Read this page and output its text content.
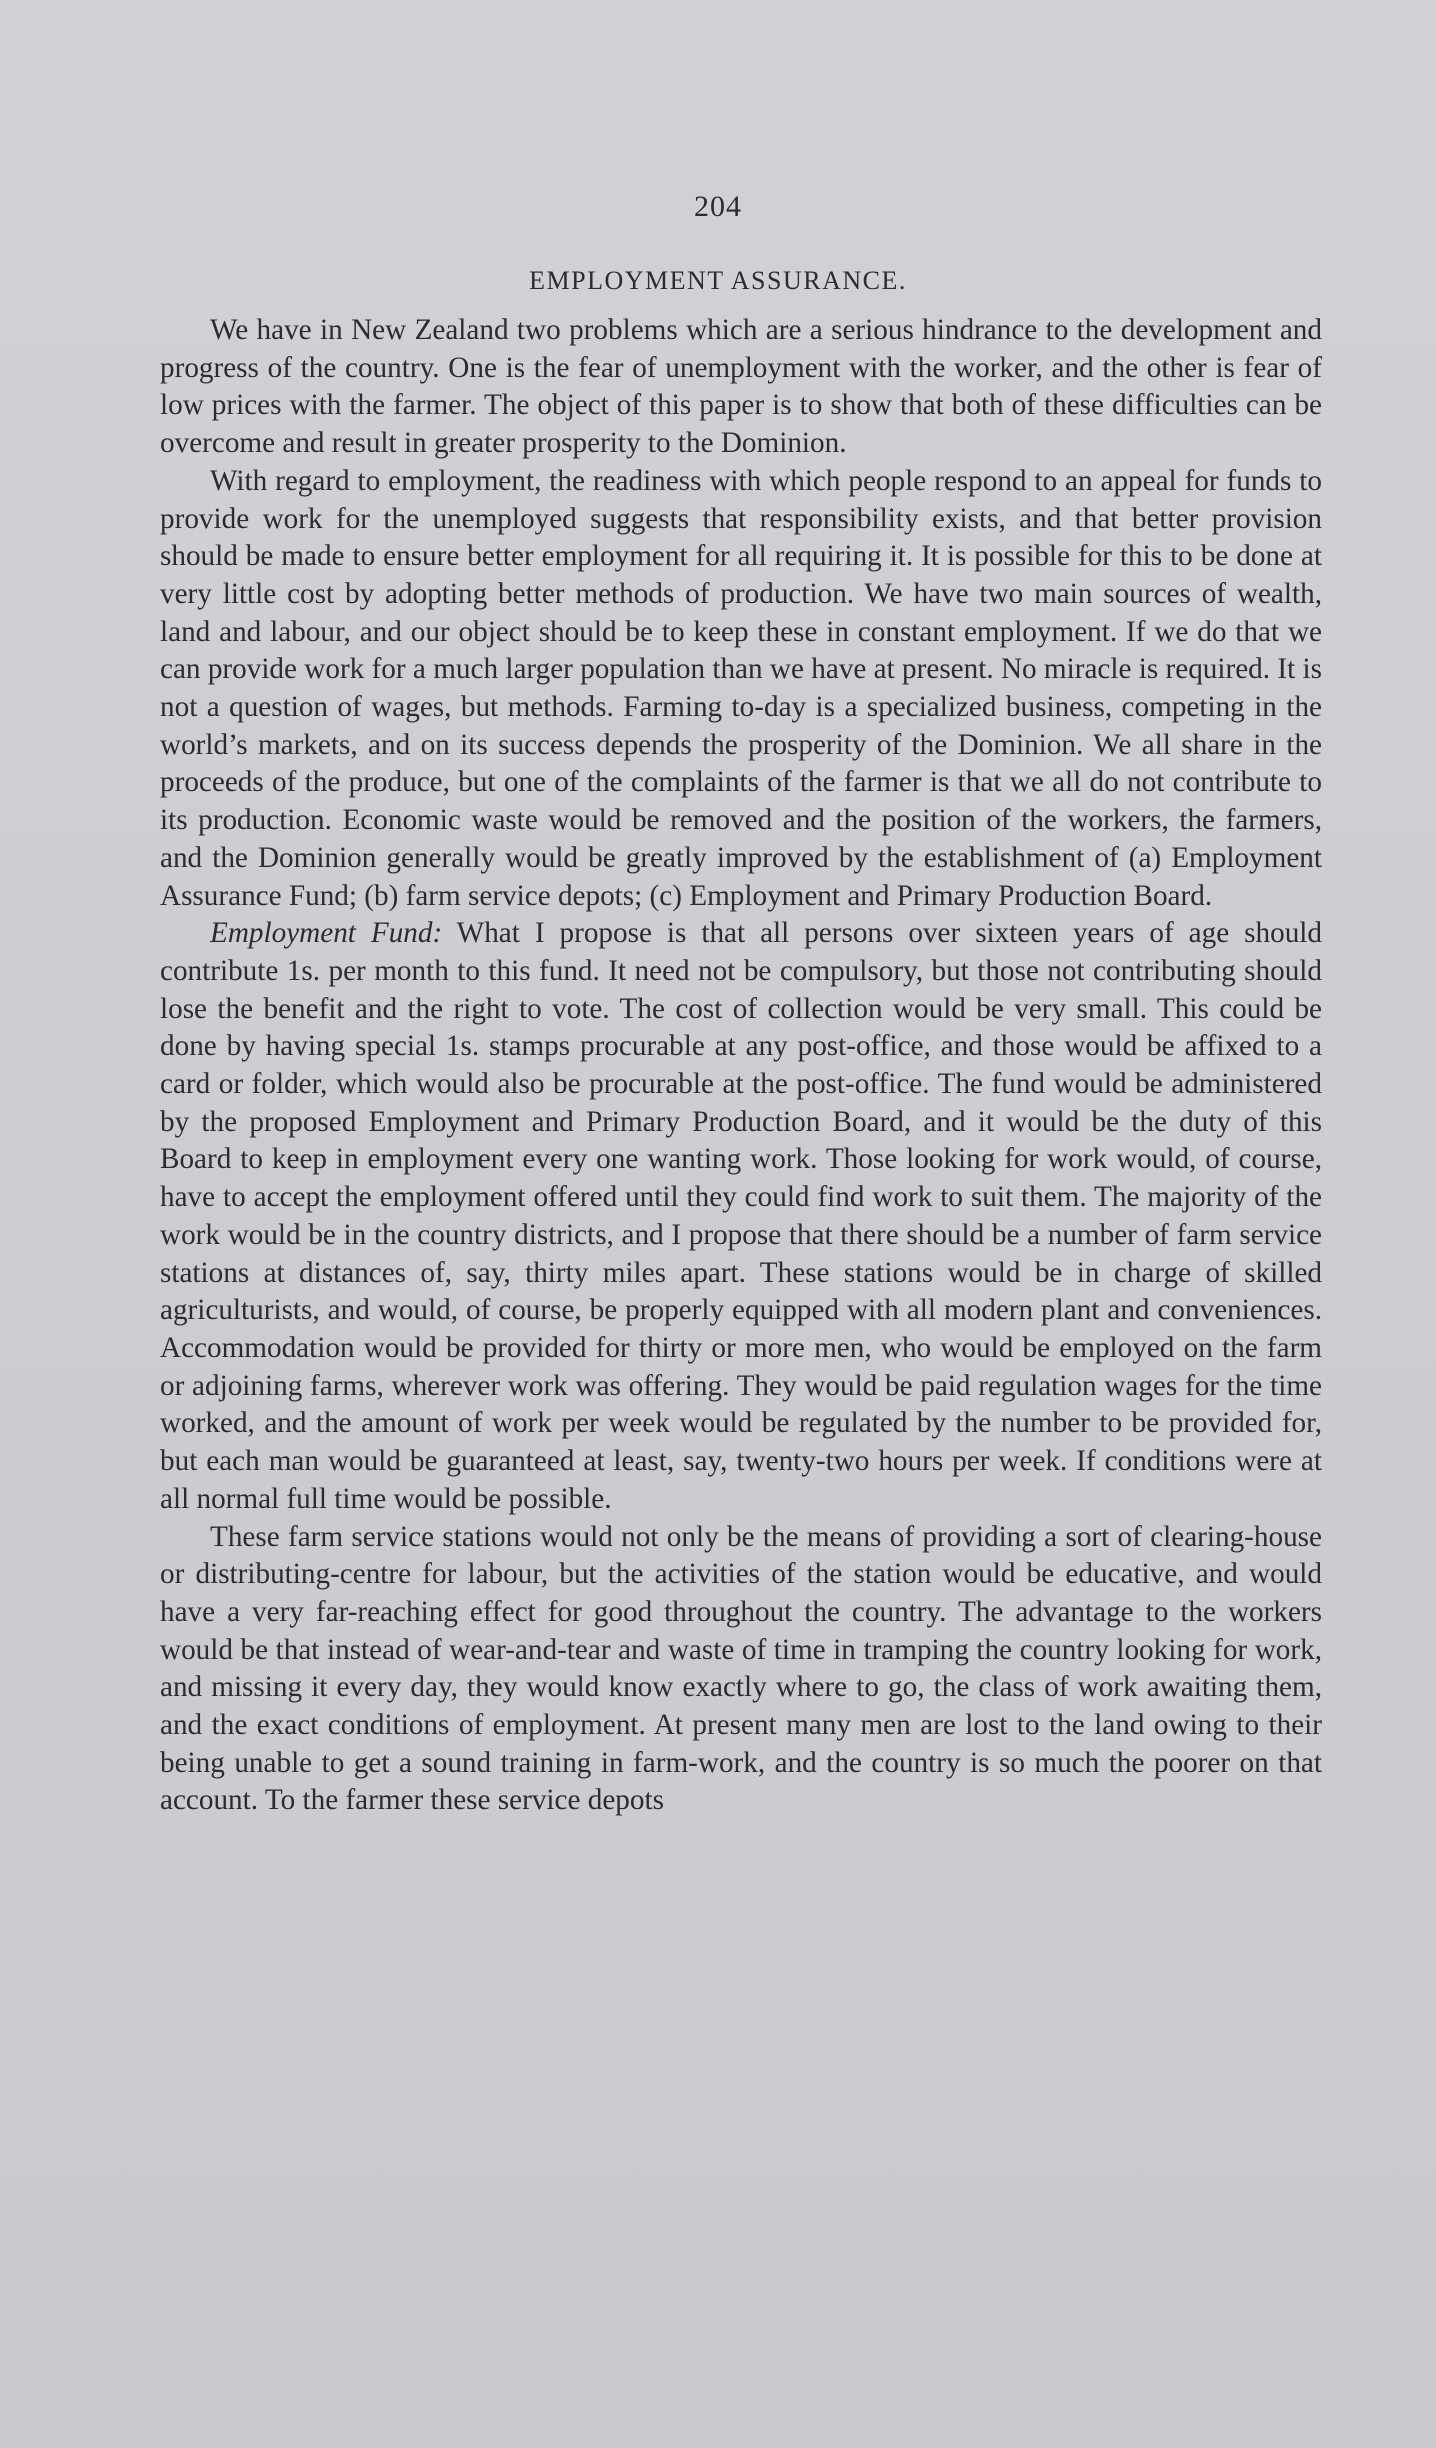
204
EMPLOYMENT ASSURANCE.

We have in New Zealand two problems which are a serious hindrance to the development and progress of the country. One is the fear of unemployment with the worker, and the other is fear of low prices with the farmer. The object of this paper is to show that both of these difficulties can be overcome and result in greater prosperity to the Dominion.

With regard to employment, the readiness with which people respond to an appeal for funds to provide work for the unemployed suggests that responsibility exists, and that better provision should be made to ensure better employment for all requiring it. It is possible for this to be done at very little cost by adopting better methods of production. We have two main sources of wealth, land and labour, and our object should be to keep these in constant employment. If we do that we can provide work for a much larger population than we have at present. No miracle is required. It is not a question of wages, but methods. Farming to-day is a specialized business, competing in the world’s markets, and on its success depends the prosperity of the Dominion. We all share in the proceeds of the produce, but one of the complaints of the farmer is that we all do not contribute to its production. Economic waste would be removed and the position of the workers, the farmers, and the Dominion generally would be greatly improved by the establishment of (a) Employment Assurance Fund; (b) farm service depots; (c) Employment and Primary Production Board.

Employment Fund: What I propose is that all persons over sixteen years of age should contribute 1s. per month to this fund. It need not be compulsory, but those not contributing should lose the benefit and the right to vote. The cost of collection would be very small. This could be done by having special 1s. stamps procurable at any post-office, and those would be affixed to a card or folder, which would also be procurable at the post-office. The fund would be administered by the proposed Employment and Primary Production Board, and it would be the duty of this Board to keep in employment every one wanting work. Those looking for work would, of course, have to accept the employment offered until they could find work to suit them. The majority of the work would be in the country districts, and I propose that there should be a number of farm service stations at distances of, say, thirty miles apart. These stations would be in charge of skilled agriculturists, and would, of course, be properly equipped with all modern plant and conveniences. Accommodation would be provided for thirty or more men, who would be employed on the farm or adjoining farms, wherever work was offering. They would be paid regulation wages for the time worked, and the amount of work per week would be regulated by the number to be provided for, but each man would be guaranteed at least, say, twenty-two hours per week. If conditions were at all normal full time would be possible.

These farm service stations would not only be the means of providing a sort of clearing-house or distributing-centre for labour, but the activities of the station would be educative, and would have a very far-reaching effect for good throughout the country. The advantage to the workers would be that instead of wear-and-tear and waste of time in tramping the country looking for work, and missing it every day, they would know exactly where to go, the class of work awaiting them, and the exact conditions of employment. At present many men are lost to the land owing to their being unable to get a sound training in farm-work, and the country is so much the poorer on that account. To the farmer these service depots
